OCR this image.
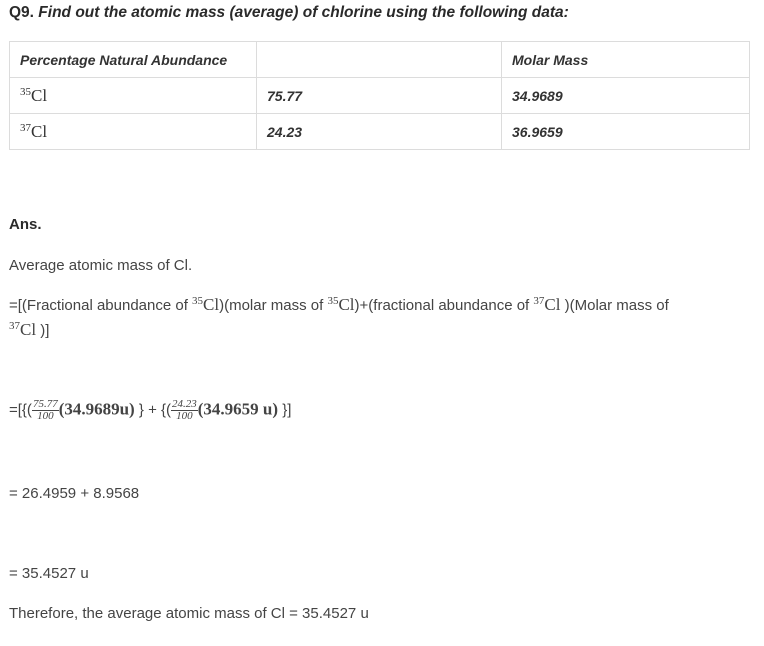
Q9. Find out the atomic mass (average) of chlorine using the following data:
Percentage Natural Abundance		Molar Mass
$^{35}$Cl	75.77	34.9689
$^{37}$Cl	24.23	36.9659
Ans.
Average atomic mass of Cl.
=[(Fractional abundance of $^{35}$Cl)(molar mass of $^{35}$Cl)+(fractional abundance of $^{37}$Cl )(Molar mass of
$^{37}$Cl )]
=[{( $\frac{75.77}{100} (34.9689u)$ } + {( $\frac{24.23}{100} (34.9659$ u) }]
= 26.4959 + 8.9568
= 35.4527 u
Therefore, the average atomic mass of Cl = 35.4527 u
